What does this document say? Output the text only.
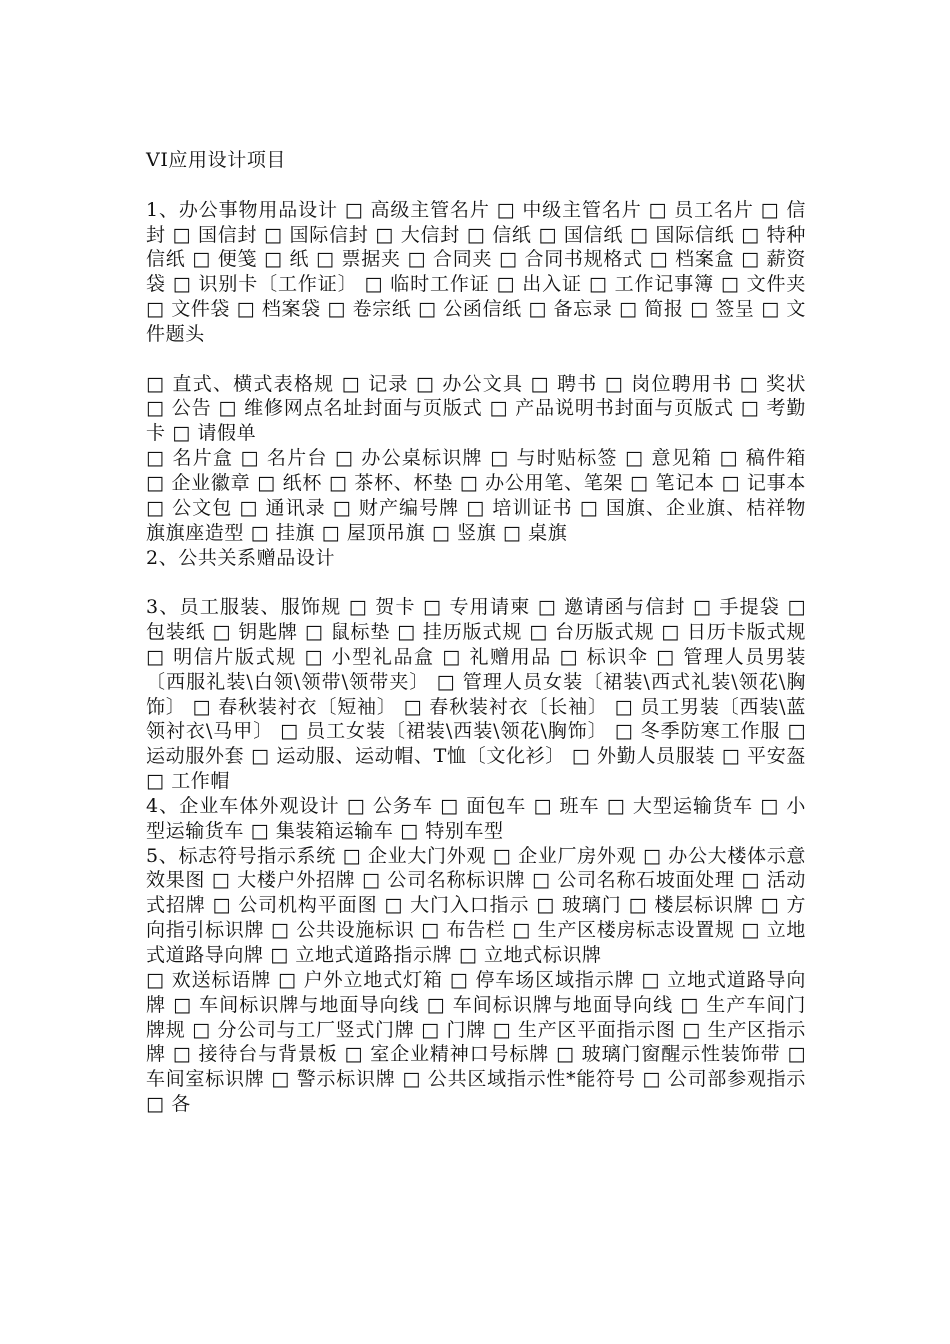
VI应用设计项目

1、办公事物用品设计 □ 高级主管名片 □ 中级主管名片 □ 员工名片 □ 信封 □ 国信封 □ 国际信封 □ 大信封 □ 信纸 □ 国信纸 □ 国际信纸 □ 特种信纸 □ 便笺 □ 纸 □ 票据夹 □ 合同夹 □ 合同书规格式 □ 档案盒 □ 薪资袋 □ 识别卡〔工作证〕 □ 临时工作证 □ 出入证 □ 工作记事簿 □ 文件夹 □ 文件袋 □ 档案袋 □ 卷宗纸 □ 公函信纸 □ 备忘录 □ 简报 □ 签呈 □ 文件题头

□ 直式、横式表格规 □ 记录 □ 办公文具 □ 聘书 □ 岗位聘用书 □ 奖状 □ 公告 □ 维修网点名址封面与页版式 □ 产品说明书封面与页版式 □ 考勤卡 □ 请假单

□ 名片盒 □ 名片台 □ 办公桌标识牌 □ 与时贴标签 □ 意见箱 □ 稿件箱 □ 企业徽章 □ 纸杯 □ 茶杯、杯垫 □ 办公用笔、笔架 □ 笔记本 □ 记事本 □ 公文包 □ 通讯录 □ 财产编号牌 □ 培训证书 □ 国旗、企业旗、桔祥物旗旗座造型 □ 挂旗 □ 屋顶吊旗 □ 竖旗 □ 桌旗

2、公共关系赠品设计

3、员工服装、服饰规 □ 贺卡 □ 专用请柬 □ 邀请函与信封 □ 手提袋 □ 包装纸 □ 钥匙牌 □ 鼠标垫 □ 挂历版式规 □ 台历版式规 □ 日历卡版式规 □ 明信片版式规 □ 小型礼品盒 □ 礼赠用品 □ 标识伞 □ 管理人员男装〔西服礼装\白领\领带\领带夹〕 □ 管理人员女装〔裙装\西式礼装\领花\胸饰〕 □ 春秋装衬衣〔短袖〕 □ 春秋装衬衣〔长袖〕 □ 员工男装〔西装\蓝领衬衣\马甲〕 □ 员工女装〔裙装\西装\领花\胸饰〕 □ 冬季防寒工作服 □ 运动服外套 □ 运动服、运动帽、T恤〔文化衫〕 □ 外勤人员服装 □ 平安盔 □ 工作帽

4、企业车体外观设计 □ 公务车 □ 面包车 □ 班车 □ 大型运输货车 □ 小型运输货车 □ 集装箱运输车 □ 特别车型

5、标志符号指示系统 □ 企业大门外观 □ 企业厂房外观 □ 办公大楼体示意效果图 □ 大楼户外招牌 □ 公司名称标识牌 □ 公司名称石坡面处理 □ 活动式招牌 □ 公司机构平面图 □ 大门入口指示 □ 玻璃门 □ 楼层标识牌 □ 方向指引标识牌 □ 公共设施标识 □ 布告栏 □ 生产区楼房标志设置规 □ 立地式道路导向牌 □ 立地式道路指示牌 □ 立地式标识牌

□ 欢送标语牌 □ 户外立地式灯箱 □ 停车场区域指示牌 □ 立地式道路导向牌 □ 车间标识牌与地面导向线 □ 车间标识牌与地面导向线 □ 生产车间门牌规 □ 分公司与工厂竖式门牌 □ 门牌 □ 生产区平面指示图 □ 生产区指示牌 □ 接待台与背景板 □ 室企业精神口号标牌 □ 玻璃门窗醒示性装饰带 □ 车间室标识牌 □ 警示标识牌 □ 公共区域指示性*能符号 □ 公司部参观指示 □ 各
